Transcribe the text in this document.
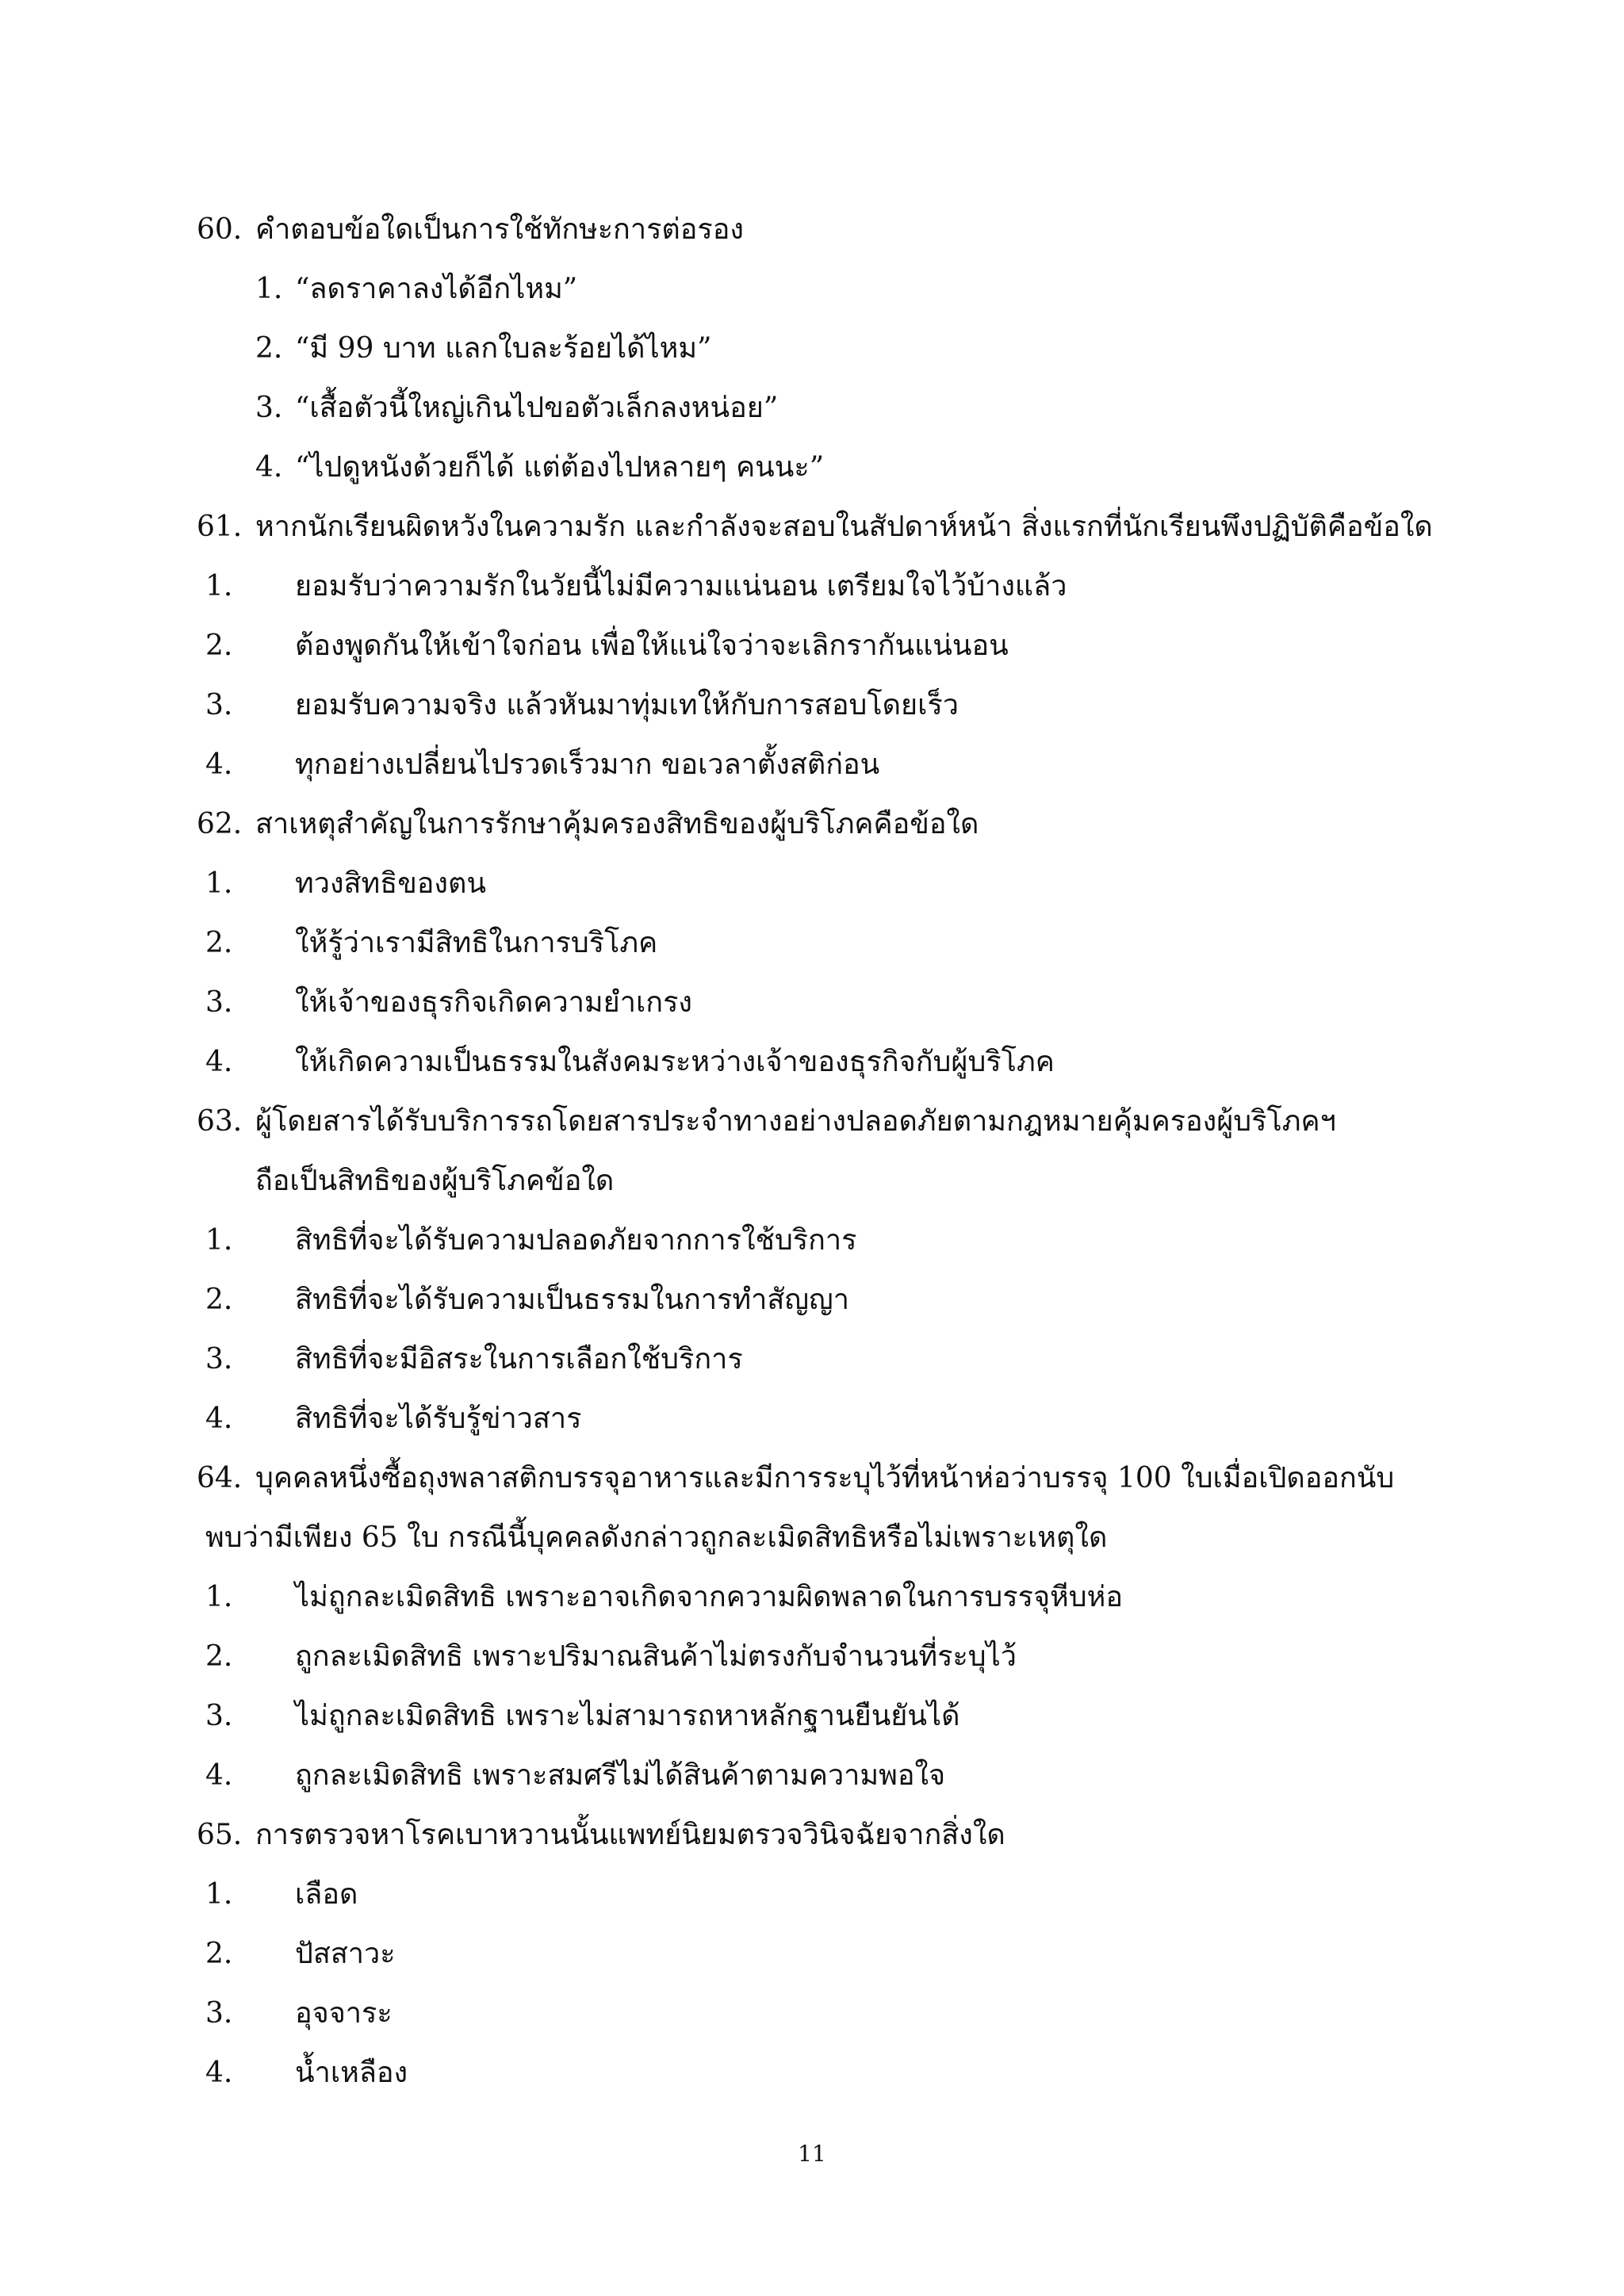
60. คำตอบข้อใดเป็นการใช้ทักษะการต่อรอง
1. “ลดราคาลงได้อีกไหม”
2. “มี 99 บาท แลกใบละร้อยได้ไหม”
3. “เสื้อตัวนี้ใหญ่เกินไปขอตัวเล็กลงหน่อย”
4. “ไปดูหนังด้วยก็ได้ แต่ต้องไปหลายๆ คนนะ”
61. หากนักเรียนผิดหวังในความรัก และกำลังจะสอบในสัปดาห์หน้า สิ่งแรกที่นักเรียนพึงปฏิบัติคือข้อใด
1. ยอมรับว่าความรักในวัยนี้ไม่มีความแน่นอน เตรียมใจไว้บ้างแล้ว
2. ต้องพูดกันให้เข้าใจก่อน เพื่อให้แน่ใจว่าจะเลิกรากันแน่นอน
3. ยอมรับความจริง แล้วหันมาทุ่มเทให้กับการสอบโดยเร็ว
4. ทุกอย่างเปลี่ยนไปรวดเร็วมาก ขอเวลาตั้งสติก่อน
62. สาเหตุสำคัญในการรักษาคุ้มครองสิทธิของผู้บริโภคคือข้อใด
1. ทวงสิทธิของตน
2. ให้รู้ว่าเรามีสิทธิในการบริโภค
3. ให้เจ้าของธุรกิจเกิดความยำเกรง
4. ให้เกิดความเป็นธรรมในสังคมระหว่างเจ้าของธุรกิจกับผู้บริโภค
63. ผู้โดยสารได้รับบริการรถโดยสารประจำทางอย่างปลอดภัยตามกฎหมายคุ้มครองผู้บริโภคฯ
ถือเป็นสิทธิของผู้บริโภคข้อใด
1. สิทธิที่จะได้รับความปลอดภัยจากการใช้บริการ
2. สิทธิที่จะได้รับความเป็นธรรมในการทำสัญญา
3. สิทธิที่จะมีอิสระในการเลือกใช้บริการ
4. สิทธิที่จะได้รับรู้ข่าวสาร
64. บุคคลหนึ่งซื้อถุงพลาสติกบรรจุอาหารและมีการระบุไว้ที่หน้าห่อว่าบรรจุ 100 ใบเมื่อเปิดออกนับ
พบว่ามีเพียง 65 ใบ กรณีนี้บุคคลดังกล่าวถูกละเมิดสิทธิหรือไม่เพราะเหตุใด
1. ไม่ถูกละเมิดสิทธิ เพราะอาจเกิดจากความผิดพลาดในการบรรจุหีบห่อ
2. ถูกละเมิดสิทธิ เพราะปริมาณสินค้าไม่ตรงกับจำนวนที่ระบุไว้
3. ไม่ถูกละเมิดสิทธิ เพราะไม่สามารถหาหลักฐานยืนยันได้
4. ถูกละเมิดสิทธิ เพราะสมศรีไม่ได้สินค้าตามความพอใจ
65. การตรวจหาโรคเบาหวานนั้นแพทย์นิยมตรวจวินิจฉัยจากสิ่งใด
1. เลือด
2. ปัสสาวะ
3. อุจจาระ
4. น้ำเหลือง
11
